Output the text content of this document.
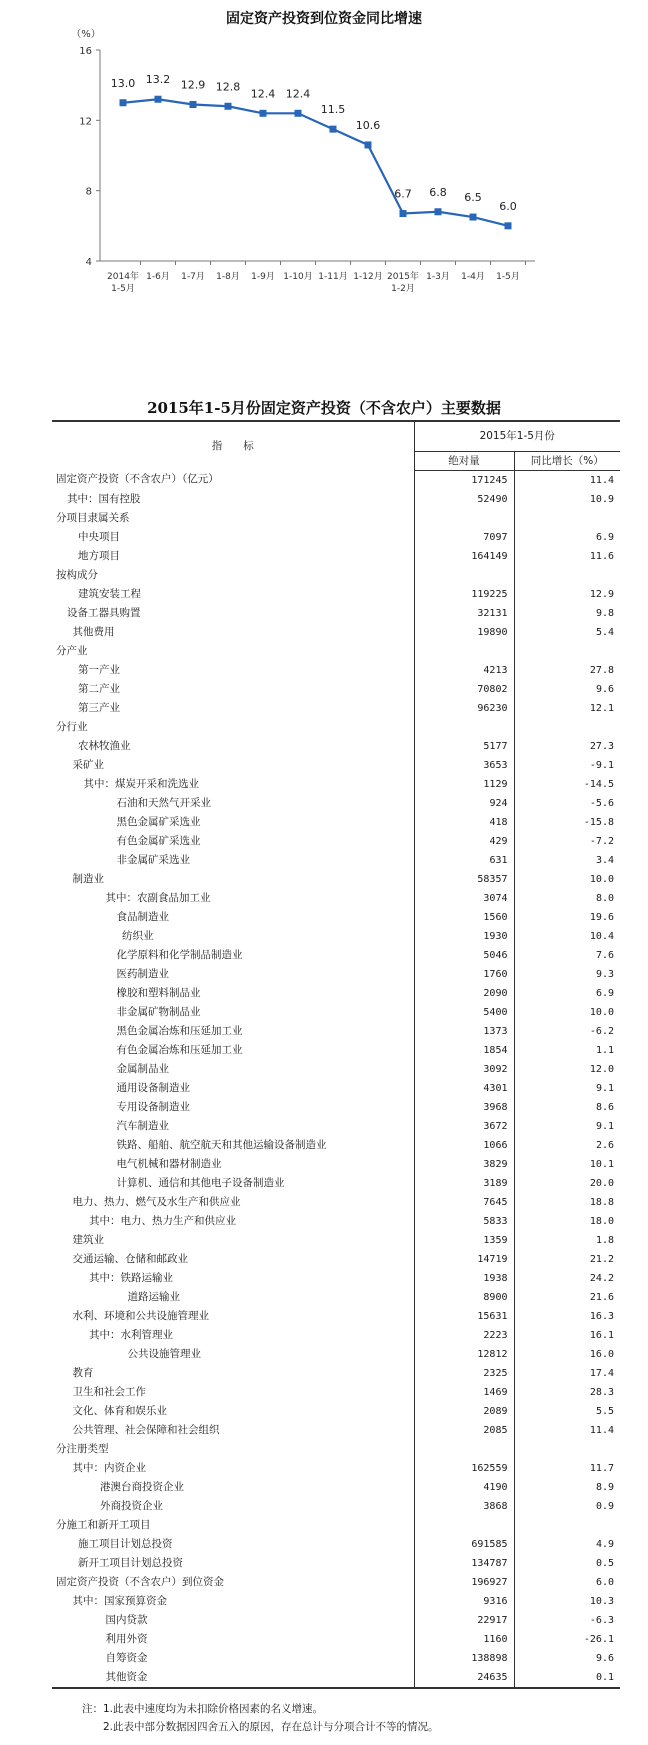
固定资产投资到位资金同比增速
（%）
4
8
12
16
2014年
1-5月
1-6月 1-7月 1-8月 1-9月 1-10月 1-11月 1-12月 2015年
1-2月
1-3月 1-4月 1-5月
13.0 13.2 12.9 12.8
12.4 12.4
11.5
10.6
6.7 6.8 6.5
6.0
2015年1-5月份固定资产投资（不含农户）主要数据
指　　标	2015年1-5月份	
	绝对量	同比增长（%）
固定资产投资（不含农户）（亿元）	171245	11.4
其中：国有控股	52490	10.9
分项目隶属关系		
中央项目	7097	6.9
地方项目	164149	11.6
按构成分		
建筑安装工程	119225	12.9
设备工器具购置	32131	9.8
其他费用	19890	5.4
分产业		
第一产业	4213	27.8
第二产业	70802	9.6
第三产业	96230	12.1
分行业		
农林牧渔业	5177	27.3
采矿业	3653	-9.1
其中：煤炭开采和洗选业	1129	-14.5
石油和天然气开采业	924	-5.6
黑色金属矿采选业	418	-15.8
有色金属矿采选业	429	-7.2
非金属矿采选业	631	3.4
制造业	58357	10.0
其中：农副食品加工业	3074	8.0
食品制造业	1560	19.6
纺织业	1930	10.4
化学原料和化学制品制造业	5046	7.6
医药制造业	1760	9.3
橡胶和塑料制品业	2090	6.9
非金属矿物制品业	5400	10.0
黑色金属冶炼和压延加工业	1373	-6.2
有色金属冶炼和压延加工业	1854	1.1
金属制品业	3092	12.0
通用设备制造业	4301	9.1
专用设备制造业	3968	8.6
汽车制造业	3672	9.1
铁路、船舶、航空航天和其他运输设备制造业	1066	2.6
电气机械和器材制造业	3829	10.1
计算机、通信和其他电子设备制造业	3189	20.0
电力、热力、燃气及水生产和供应业	7645	18.8
其中：电力、热力生产和供应业	5833	18.0
建筑业	1359	1.8
交通运输、仓储和邮政业	14719	21.2
其中：铁路运输业	1938	24.2
道路运输业	8900	21.6
水利、环境和公共设施管理业	15631	16.3
其中：水利管理业	2223	16.1
公共设施管理业	12812	16.0
教育	2325	17.4
卫生和社会工作	1469	28.3
文化、体育和娱乐业	2089	5.5
公共管理、社会保障和社会组织	2085	11.4
分注册类型		
其中：内资企业	162559	11.7
港澳台商投资企业	4190	8.9
外商投资企业	3868	0.9
分施工和新开工项目		
施工项目计划总投资	691585	4.9
新开工项目计划总投资	134787	0.5
固定资产投资（不含农户）到位资金	196927	6.0
其中：国家预算资金	9316	10.3
国内贷款	22917	-6.3
利用外资	1160	-26.1
自筹资金	138898	9.6
其他资金	24635	0.1
注：1.此表中速度均为未扣除价格因素的名义增速。
　　2.此表中部分数据因四舍五入的原因，存在总计与分项合计不等的情况。
